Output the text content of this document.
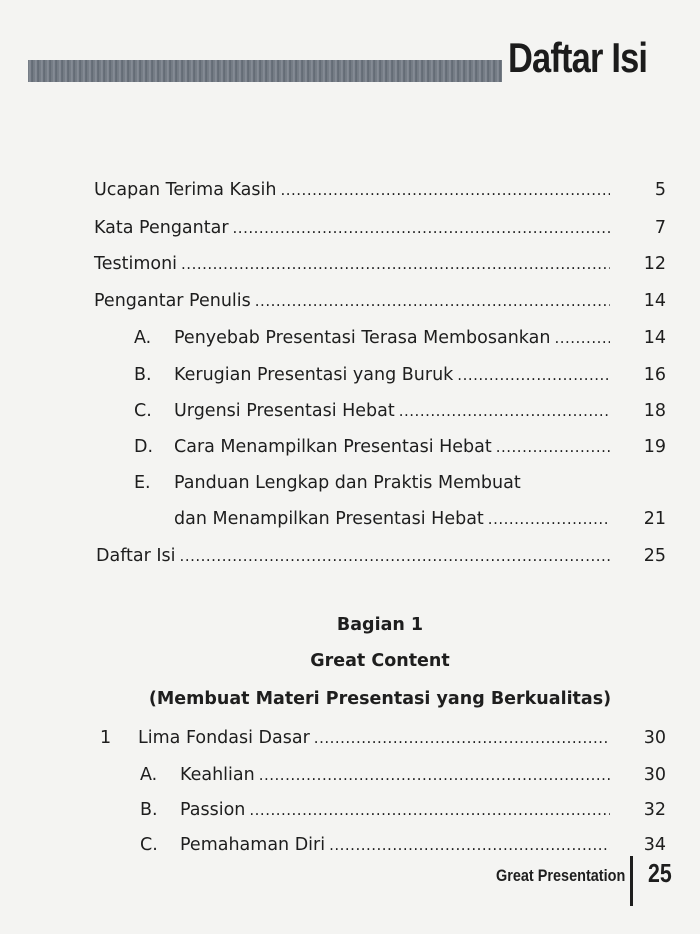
Daftar Isi
Ucapan Terima Kasih .....	5
Kata Pengantar .....	7
Testimoni .....	12
Pengantar Penulis .....	14
A.	Penyebab Presentasi Terasa Membosankan .....	14
B.	Kerugian Presentasi yang Buruk .....	16
C.	Urgensi Presentasi Hebat .....	18
D.	Cara Menampilkan Presentasi Hebat .....	19
E. Panduan Lengkap dan Praktis Membuat
dan Menampilkan Presentasi Hebat .....	21
Daftar Isi .....	25
Bagian 1
Great Content
(Membuat Materi Presentasi yang Berkualitas)
1	Lima Fondasi Dasar .....	30
A.	Keahlian .....	30
B.	Passion .....	32
C.	Pemahaman Diri .....	34
Great Presentation 25
